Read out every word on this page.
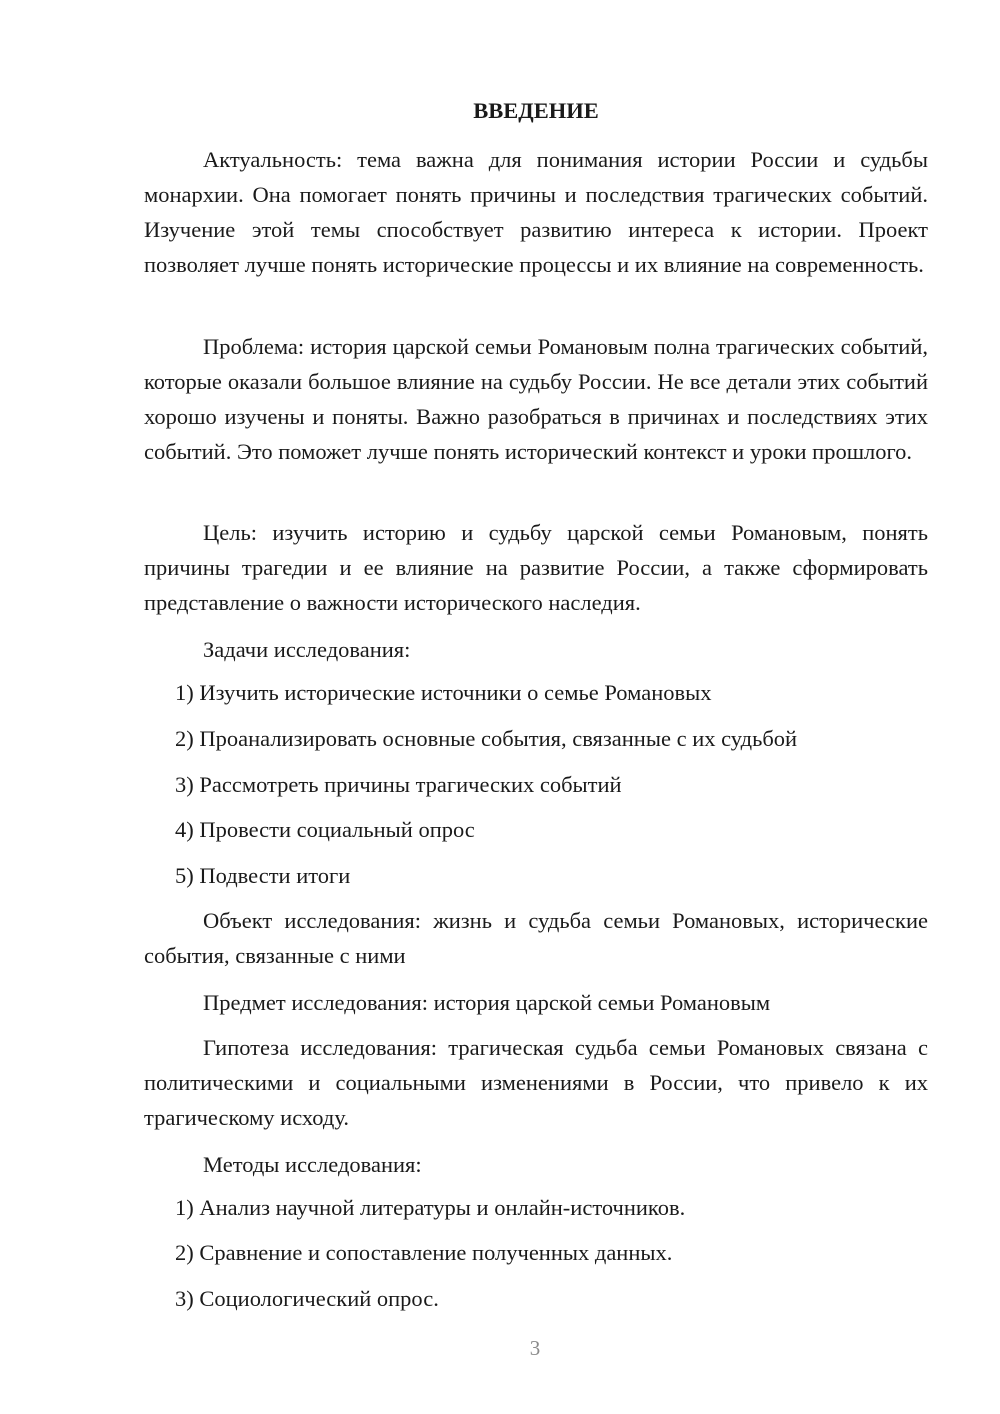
ВВЕДЕНИЕ

Актуальность: тема важна для понимания истории России и судьбы монархии. Она помогает понять причины и последствия трагических событий. Изучение этой темы способствует развитию интереса к истории. Проект позволяет лучше понять исторические процессы и их влияние на современность.

Проблема: история царской семьи Романовым полна трагических событий, которые оказали большое влияние на судьбу России. Не все детали этих событий хорошо изучены и поняты. Важно разобраться в причинах и последствиях этих событий. Это поможет лучше понять исторический контекст и уроки прошлого.

Цель: изучить историю и судьбу царской семьи Романовым, понять причины трагедии и ее влияние на развитие России, а также сформировать представление о важности исторического наследия.

Задачи исследования:

1) Изучить исторические источники о семье Романовых

2) Проанализировать основные события, связанные с их судьбой

3) Рассмотреть причины трагических событий

4) Провести социальный опрос

5) Подвести итоги

Объект исследования: жизнь и судьба семьи Романовых, исторические события, связанные с ними

Предмет исследования: история царской семьи Романовым

Гипотеза исследования: трагическая судьба семьи Романовых связана с политическими и социальными изменениями в России, что привело к их трагическому исходу.

Методы исследования:

1) Анализ научной литературы и онлайн-источников.

2) Сравнение и сопоставление полученных данных.

3) Социологический опрос.

3
